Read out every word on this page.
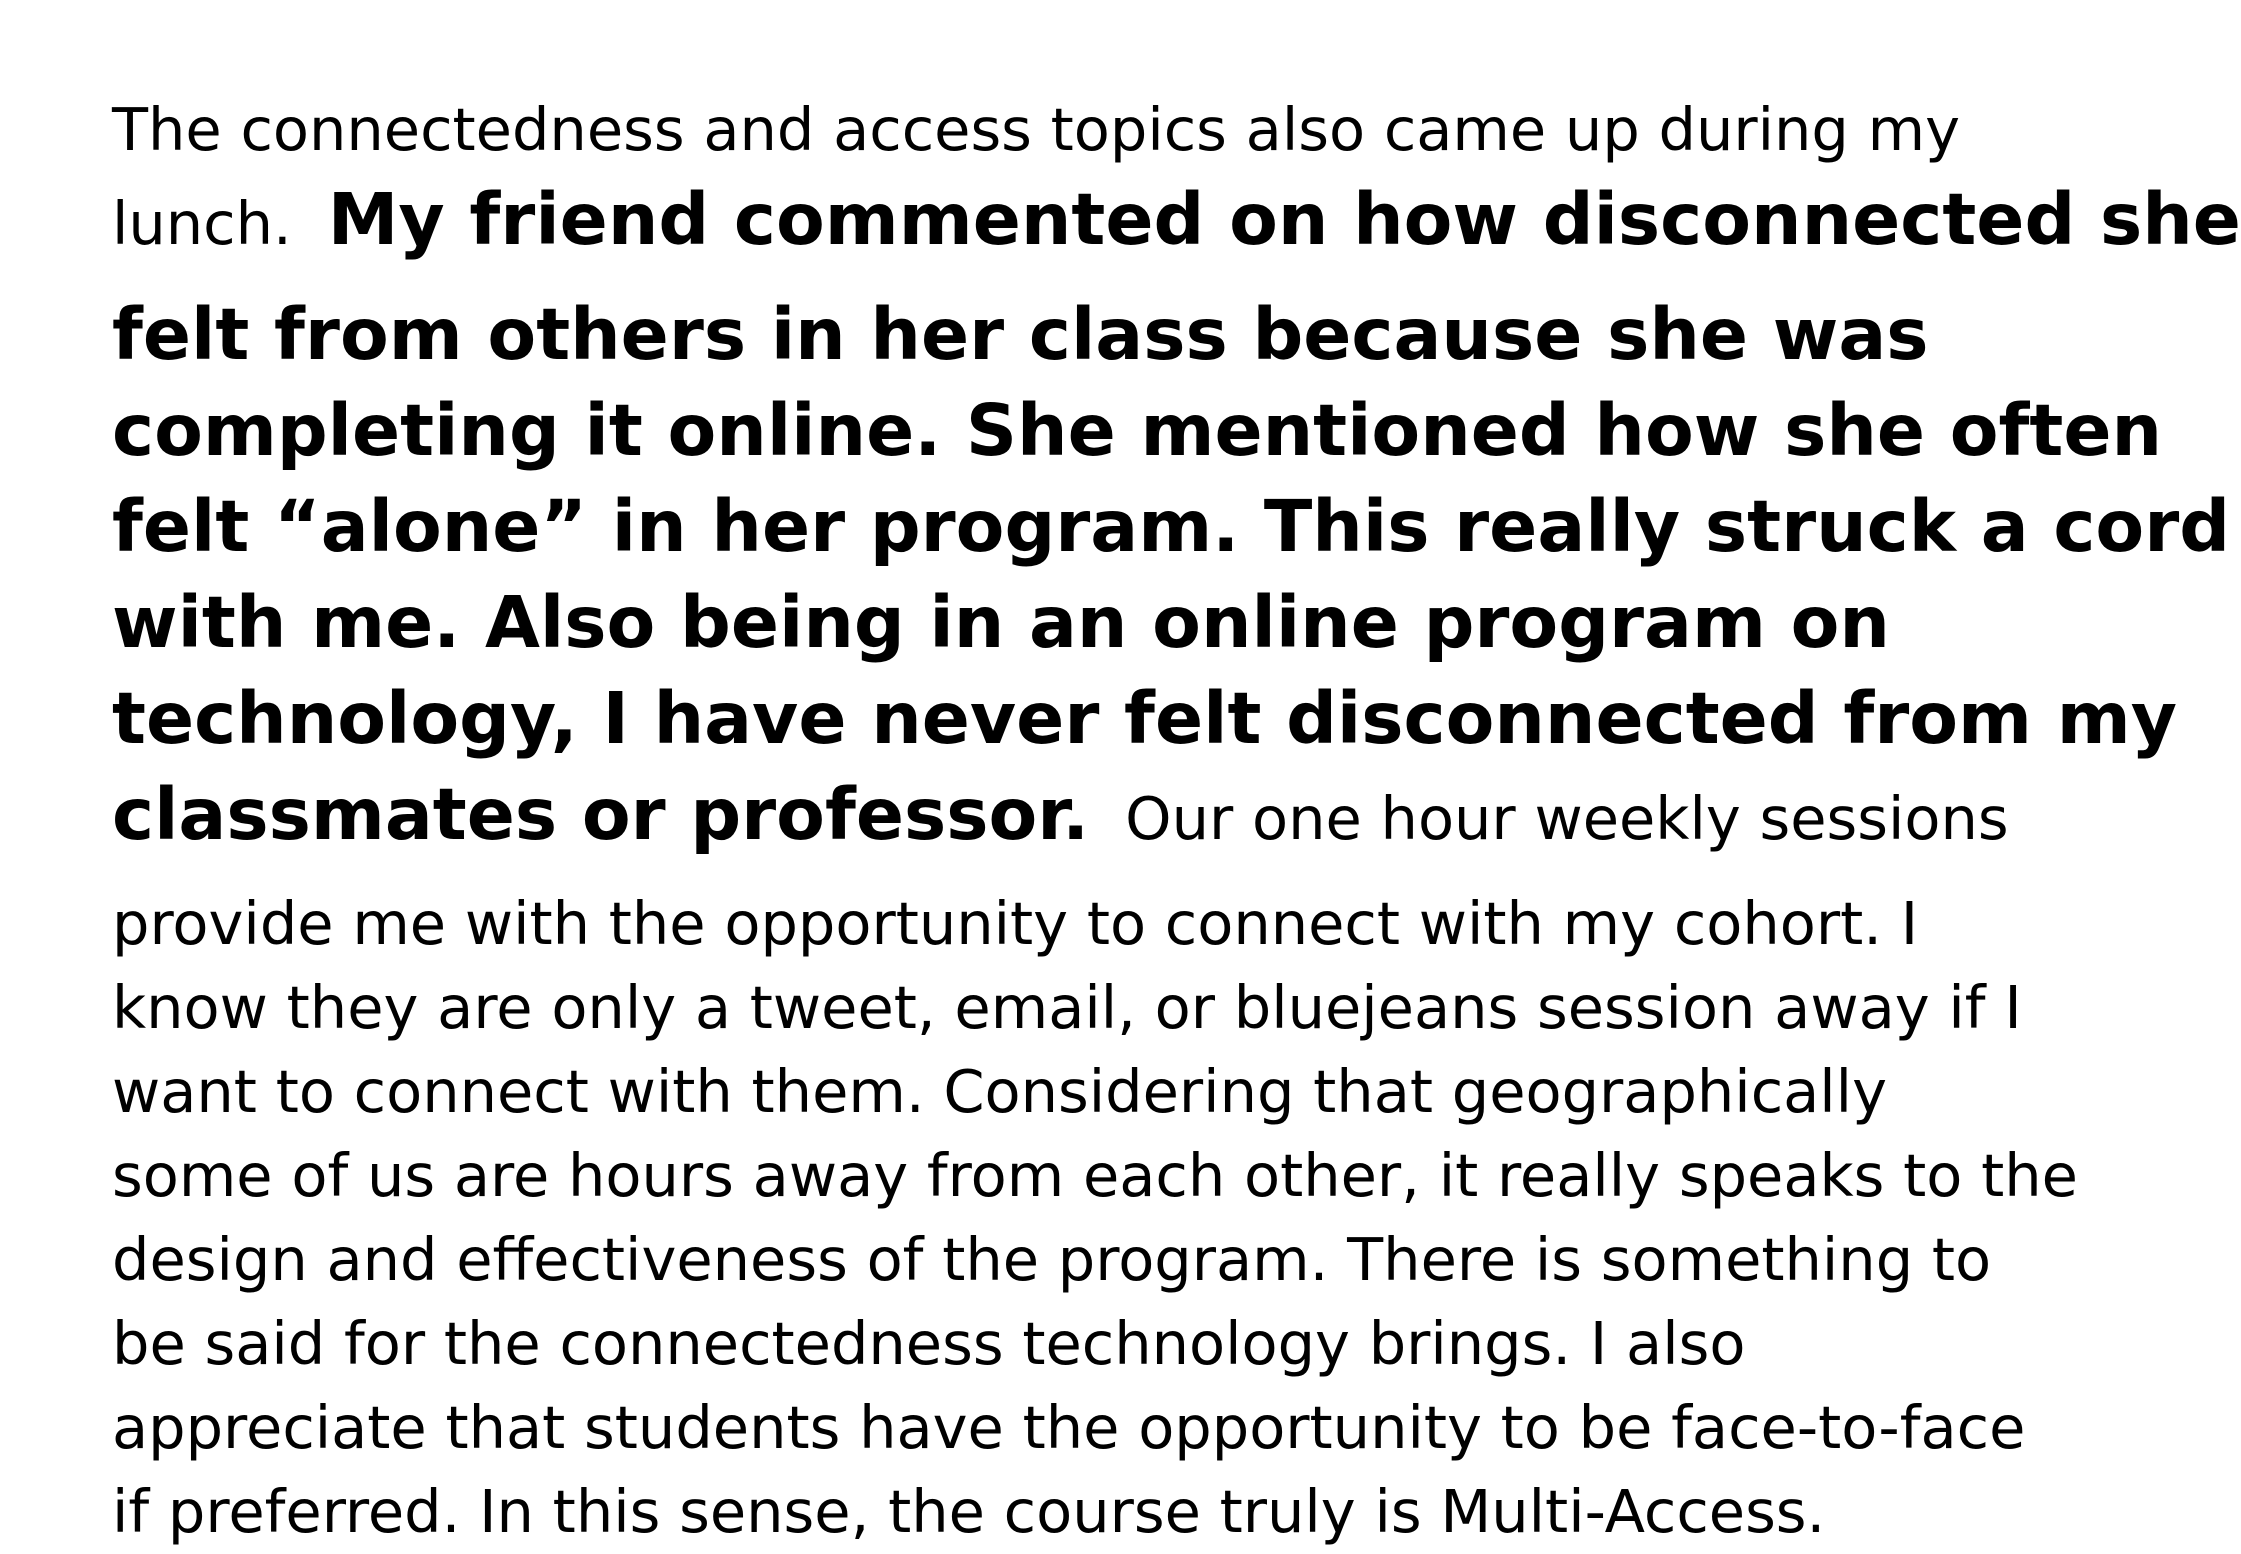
The connectedness and access topics also came up during my
lunch. My friend commented on how disconnected she
felt from others in her class because she was
completing it online. She mentioned how she often
felt “alone” in her program. This really struck a cord
with me. Also being in an online program on
technology, I have never felt disconnected from my
classmates or professor. Our one hour weekly sessions
provide me with the opportunity to connect with my cohort. I
know they are only a tweet, email, or bluejeans session away if I
want to connect with them. Considering that geographically
some of us are hours away from each other, it really speaks to the
design and effectiveness of the program. There is something to
be said for the connectedness technology brings. I also
appreciate that students have the opportunity to be face-to-face
if preferred. In this sense, the course truly is Multi-Access.
